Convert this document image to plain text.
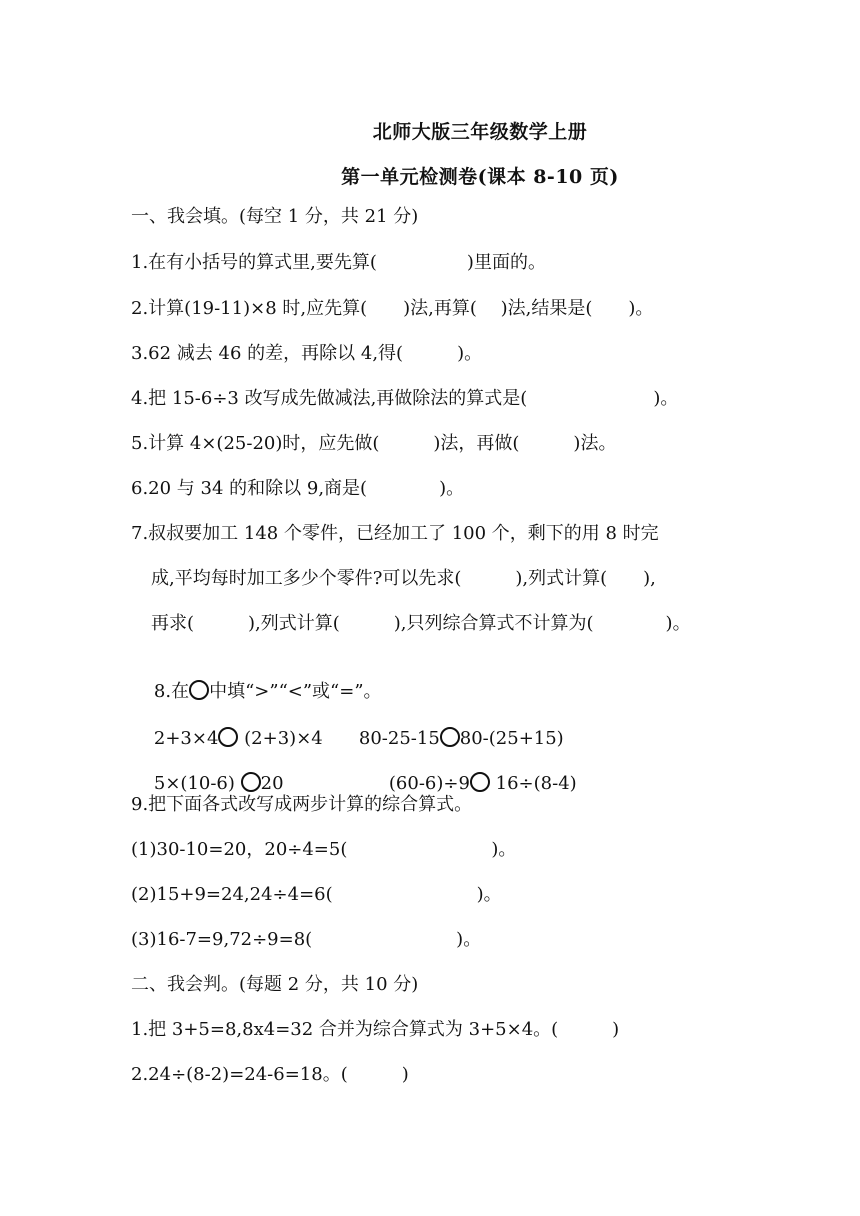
北师大版三年级数学上册
第一单元检测卷(课本 8-10 页)
一、我会填。(每空 1 分，共 21 分)
1.在有小括号的算式里,要先算(　　　　　)里面的。
2.计算(19-11)×8 时,应先算(　　)法,再算(　 )法,结果是(　　)。
3.62 减去 46 的差，再除以 4,得(　　　)。
4.把 15-6÷3 改写成先做减法,再做除法的算式是(　　　　　　　)。
5.计算 4×(25-20)时，应先做(　　　)法，再做(　　　)法。
6.20 与 34 的和除以 9,商是(　　　　)。
7.叔叔要加工 148 个零件，已经加工了 100 个，剩下的用 8 时完
成,平均每时加工多少个零件?可以先求(　　　),列式计算(　　),
再求(　　　),列式计算(　　　),只列综合算式不计算为(　　　　)。

8.在 中填“>”“<”或“=”。

2+3×4 (2+3)×4
	80-25-15 80-(25+15)

5×(10-6) 20
	(60-6)÷9 16÷(8-4)

9.把下面各式改写成两步计算的综合算式。
(1)30-10=20，20÷4=5(　　　　　　　　)。
(2)15+9=24,24÷4=6(　　　　　　　　)。
(3)16-7=9,72÷9=8(　　　　　　　　)。
二、我会判。(每题 2 分，共 10 分)
1.把 3+5=8,8x4=32 合并为综合算式为 3+5×4。(　　　)
2.24÷(8-2)=24-6=18。(　　　)
